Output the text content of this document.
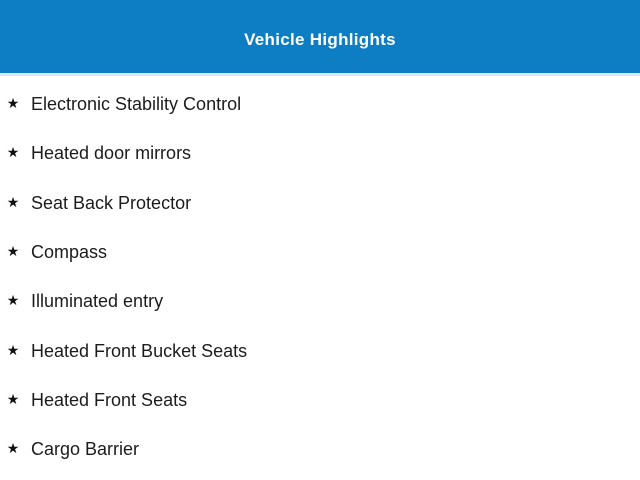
Vehicle Highlights
★ Electronic Stability Control
★ Heated door mirrors
★ Seat Back Protector
★ Compass
★ Illuminated entry
★ Heated Front Bucket Seats
★ Heated Front Seats
★ Cargo Barrier
